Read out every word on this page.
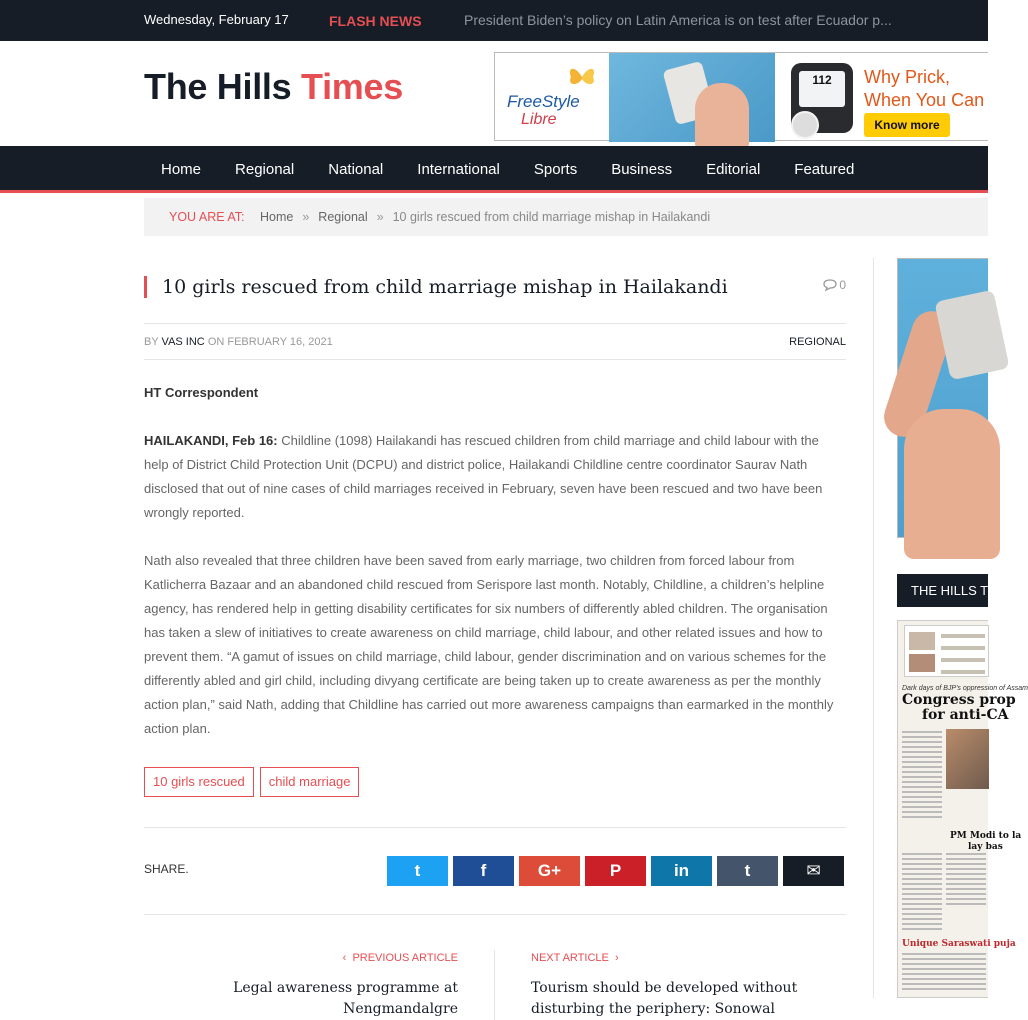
Wednesday, February 17	FLASH NEWS	President Biden’s policy on Latin America is on test after Ecuador p...
The Hills Times	FreeStyle
Libre
112	Why Prick,
When You Can
Know more
Home	Regional	National	International	Sports	Business	Editorial	Featured
YOU ARE AT: Home » Regional » 10 girls rescued from child marriage mishap in Hailakandi
10 girls rescued from child marriage mishap in Hailakandi	0
BY VAS INC ON FEBRUARY 16, 2021	REGIONAL

HT Correspondent

HAILAKANDI, Feb 16: Childline (1098) Hailakandi has rescued children from child marriage and child labour with the help of District Child Protection Unit (DCPU) and district police, Hailakandi Childline centre coordinator Saurav Nath disclosed that out of nine cases of child marriages received in February, seven have been rescued and two have been wrongly reported.

Nath also revealed that three children have been saved from early marriage, two children from forced labour from Katlicherra Bazaar and an abandoned child rescued from Serispore last month. Notably, Childline, a children’s helpline agency, has rendered help in getting disability certificates for six numbers of differently abled children. The organisation has taken a slew of initiatives to create awareness on child marriage, child labour, and other related issues and how to prevent them. “A gamut of issues on child marriage, child labour, gender discrimination and on various schemes for the differently abled and girl child, including divyang certificate are being taken up to create awareness as per the monthly action plan,” said Nath, adding that Childline has carried out more awareness campaigns than earmarked in the monthly action plan.

10 girls rescued	child marriage
SHARE.	t	f	G+	P	in	t	✉
‹  PREVIOUS ARTICLE
Legal awareness programme at Nengmandalgre
NEXT ARTICLE  ›
Tourism should be developed without disturbing the periphery: Sonowal
THE HILLS TIMES
Dark days of BJP's oppression of Assam
Congress prop
for anti-CA
PM Modi to la
lay bas
Unique Saraswati puja
